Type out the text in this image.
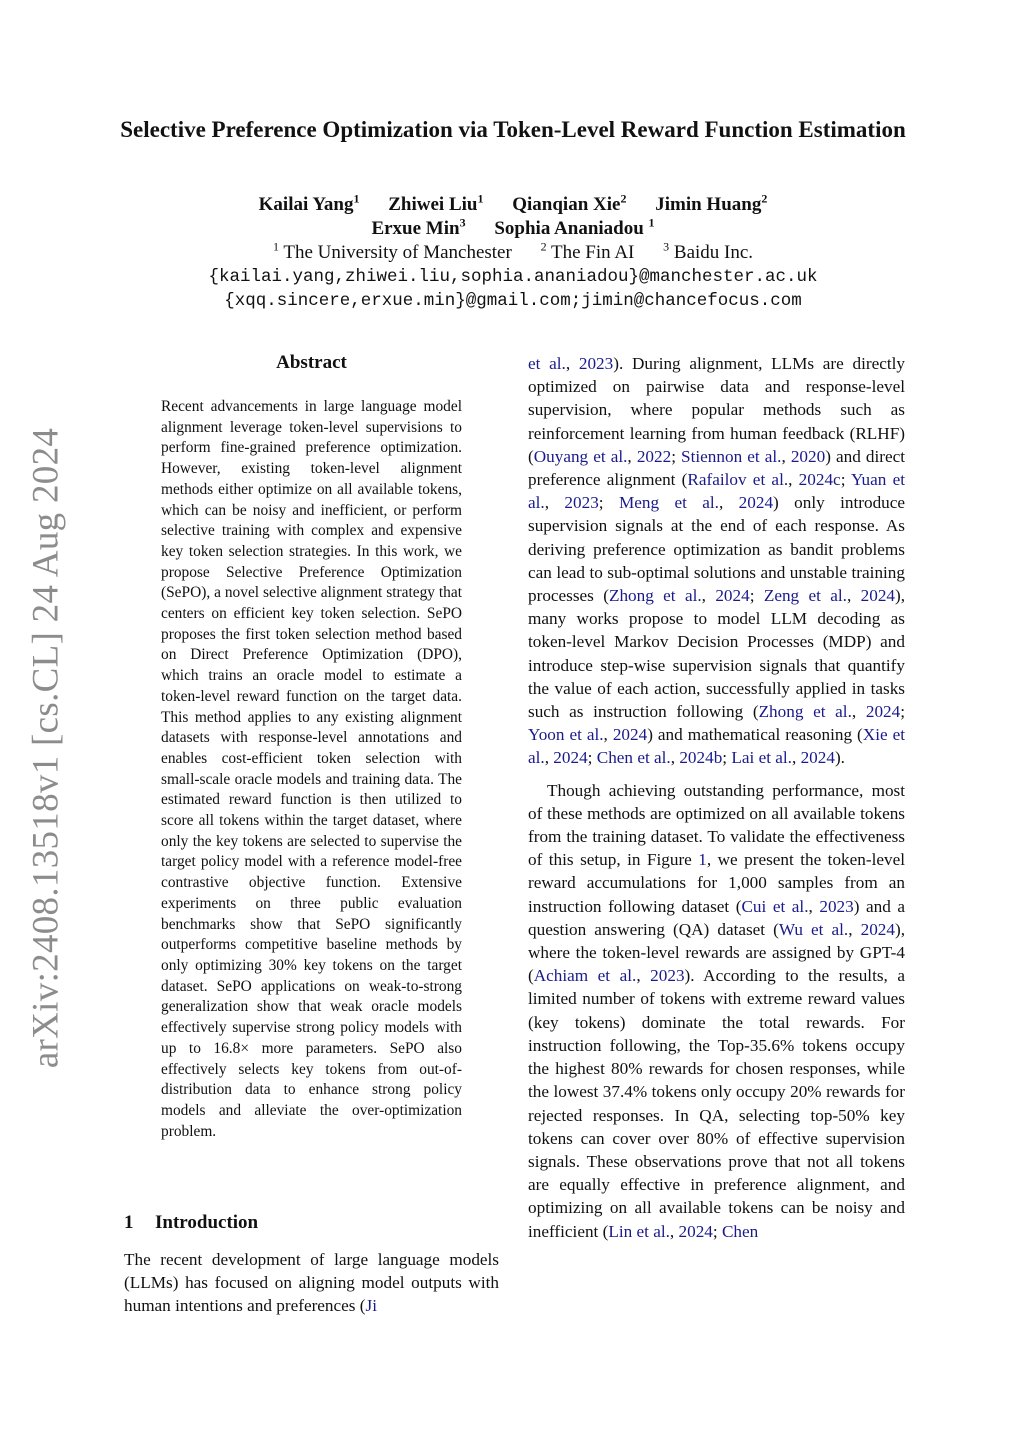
arXiv:2408.13518v1 [cs.CL] 24 Aug 2024
Selective Preference Optimization via Token-Level Reward Function Estimation
Kailai Yang$^1$ Zhiwei Liu$^1$ Qianqian Xie$^2$ Jimin Huang$^2$
Erxue Min$^3$ Sophia Ananiadou $^1$
$^1$ The University of Manchester $^2$ The Fin AI $^3$ Baidu Inc.
{kailai.yang,zhiwei.liu,sophia.ananiadou}@manchester.ac.uk
{xqq.sincere,erxue.min}@gmail.com;jimin@chancefocus.com
Abstract
Recent advancements in large language model alignment leverage token-level supervisions to perform fine-grained preference optimization. However, existing token-level alignment methods either optimize on all available tokens, which can be noisy and inefficient, or perform selective training with complex and expensive key token selection strategies. In this work, we propose Selective Preference Optimization (SePO), a novel selective alignment strategy that centers on efficient key token selection. SePO proposes the first token selection method based on Direct Preference Optimization (DPO), which trains an oracle model to estimate a token-level reward function on the target data. This method applies to any existing alignment datasets with response-level annotations and enables cost-efficient token selection with small-scale oracle models and training data. The estimated reward function is then utilized to score all tokens within the target dataset, where only the key tokens are selected to supervise the target policy model with a reference model-free contrastive objective function. Extensive experiments on three public evaluation benchmarks show that SePO significantly outperforms competitive baseline methods by only optimizing 30% key tokens on the target dataset. SePO applications on weak-to-strong generalization show that weak oracle models effectively supervise strong policy models with up to 16.8× more parameters. SePO also effectively selects key tokens from out-of-distribution data to enhance strong policy models and alleviate the over-optimization problem.
1 Introduction
The recent development of large language models (LLMs) has focused on aligning model outputs with human intentions and preferences (Ji

et al., 2023). During alignment, LLMs are directly optimized on pairwise data and response-level supervision, where popular methods such as reinforcement learning from human feedback (RLHF) (Ouyang et al., 2022; Stiennon et al., 2020) and direct preference alignment (Rafailov et al., 2024c; Yuan et al., 2023; Meng et al., 2024) only introduce supervision signals at the end of each response. As deriving preference optimization as bandit problems can lead to sub-optimal solutions and unstable training processes (Zhong et al., 2024; Zeng et al., 2024), many works propose to model LLM decoding as token-level Markov Decision Processes (MDP) and introduce step-wise supervision signals that quantify the value of each action, successfully applied in tasks such as instruction following (Zhong et al., 2024; Yoon et al., 2024) and mathematical reasoning (Xie et al., 2024; Chen et al., 2024b; Lai et al., 2024).

Though achieving outstanding performance, most of these methods are optimized on all available tokens from the training dataset. To validate the effectiveness of this setup, in Figure 1, we present the token-level reward accumulations for 1,000 samples from an instruction following dataset (Cui et al., 2023) and a question answering (QA) dataset (Wu et al., 2024), where the token-level rewards are assigned by GPT-4 (Achiam et al., 2023). According to the results, a limited number of tokens with extreme reward values (key tokens) dominate the total rewards. For instruction following, the Top-35.6% tokens occupy the highest 80% rewards for chosen responses, while the lowest 37.4% tokens only occupy 20% rewards for rejected responses. In QA, selecting top-50% key tokens can cover over 80% of effective supervision signals. These observations prove that not all tokens are equally effective in preference alignment, and optimizing on all available tokens can be noisy and inefficient (Lin et al., 2024; Chen
